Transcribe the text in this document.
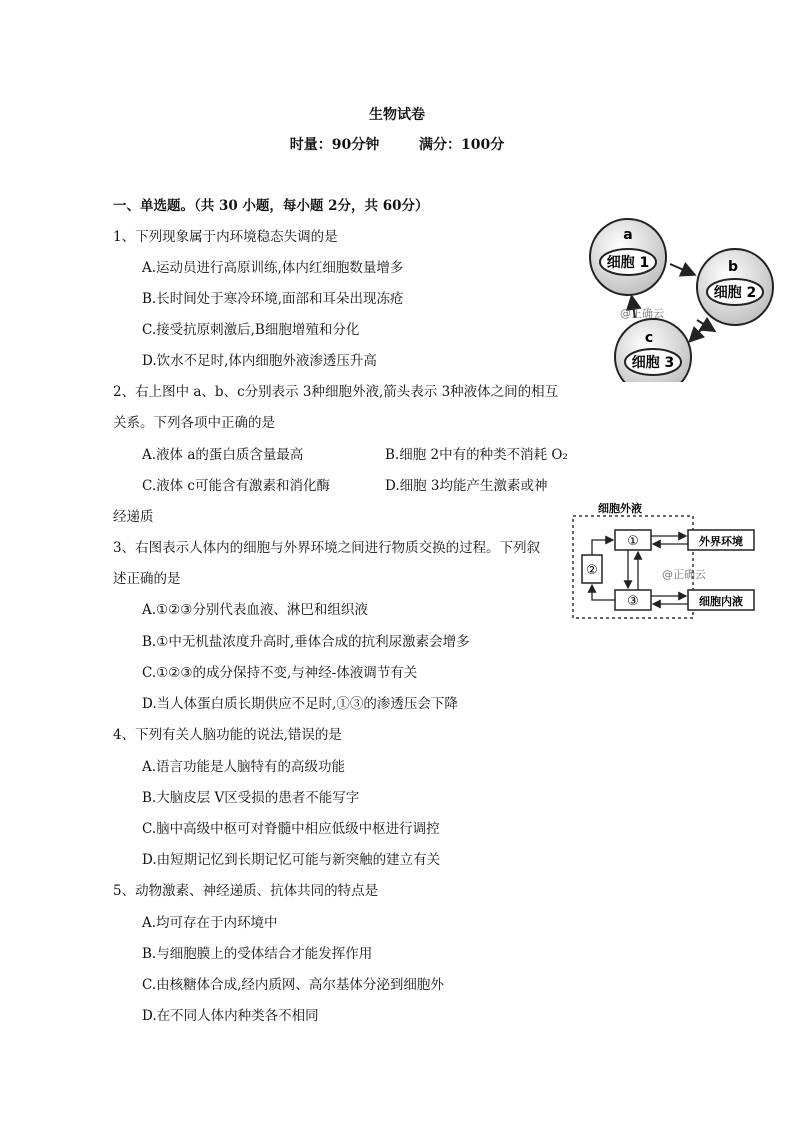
生物试卷
时量：90分钟	满分：100分
一、单选题。（共 30 小题，每小题 2分，共 60分）
1、下列现象属于内环境稳态失调的是
A.运动员进行高原训练,体内红细胞数量增多
B.长时间处于寒冷环境,面部和耳朵出现冻疮
C.接受抗原刺激后,B细胞增殖和分化
D.饮水不足时,体内细胞外液渗透压升高
2、右上图中 a、b、c分别表示 3种细胞外液,箭头表示 3种液体之间的相互
关系。下列各项中正确的是
A.液体 a的蛋白质含量最高	B.细胞 2中有的种类不消耗 O₂
C.液体 c可能含有激素和消化酶	D.细胞 3均能产生激素或神
经递质
3、右图表示人体内的细胞与外界环境之间进行物质交换的过程。下列叙
述正确的是
A.①②③分别代表血液、淋巴和组织液
B.①中无机盐浓度升高时,垂体合成的抗利尿激素会增多
C.①②③的成分保持不变,与神经-体液调节有关
D.当人体蛋白质长期供应不足时,①③的渗透压会下降
4、下列有关人脑功能的说法,错误的是
A.语言功能是人脑特有的高级功能
B.大脑皮层 V区受损的患者不能写字
C.脑中高级中枢可对脊髓中相应低级中枢进行调控
D.由短期记忆到长期记忆可能与新突触的建立有关
5、动物激素、神经递质、抗体共同的特点是
A.均可存在于内环境中
B.与细胞膜上的受体结合才能发挥作用
C.由核糖体合成,经内质网、高尔基体分泌到细胞外
D.在不同人体内种类各不相同
a
细胞 1	b
细胞 2
c
细胞 3
@正确云
细胞外液
①
②
③
外界环境
细胞内液
@正确云
